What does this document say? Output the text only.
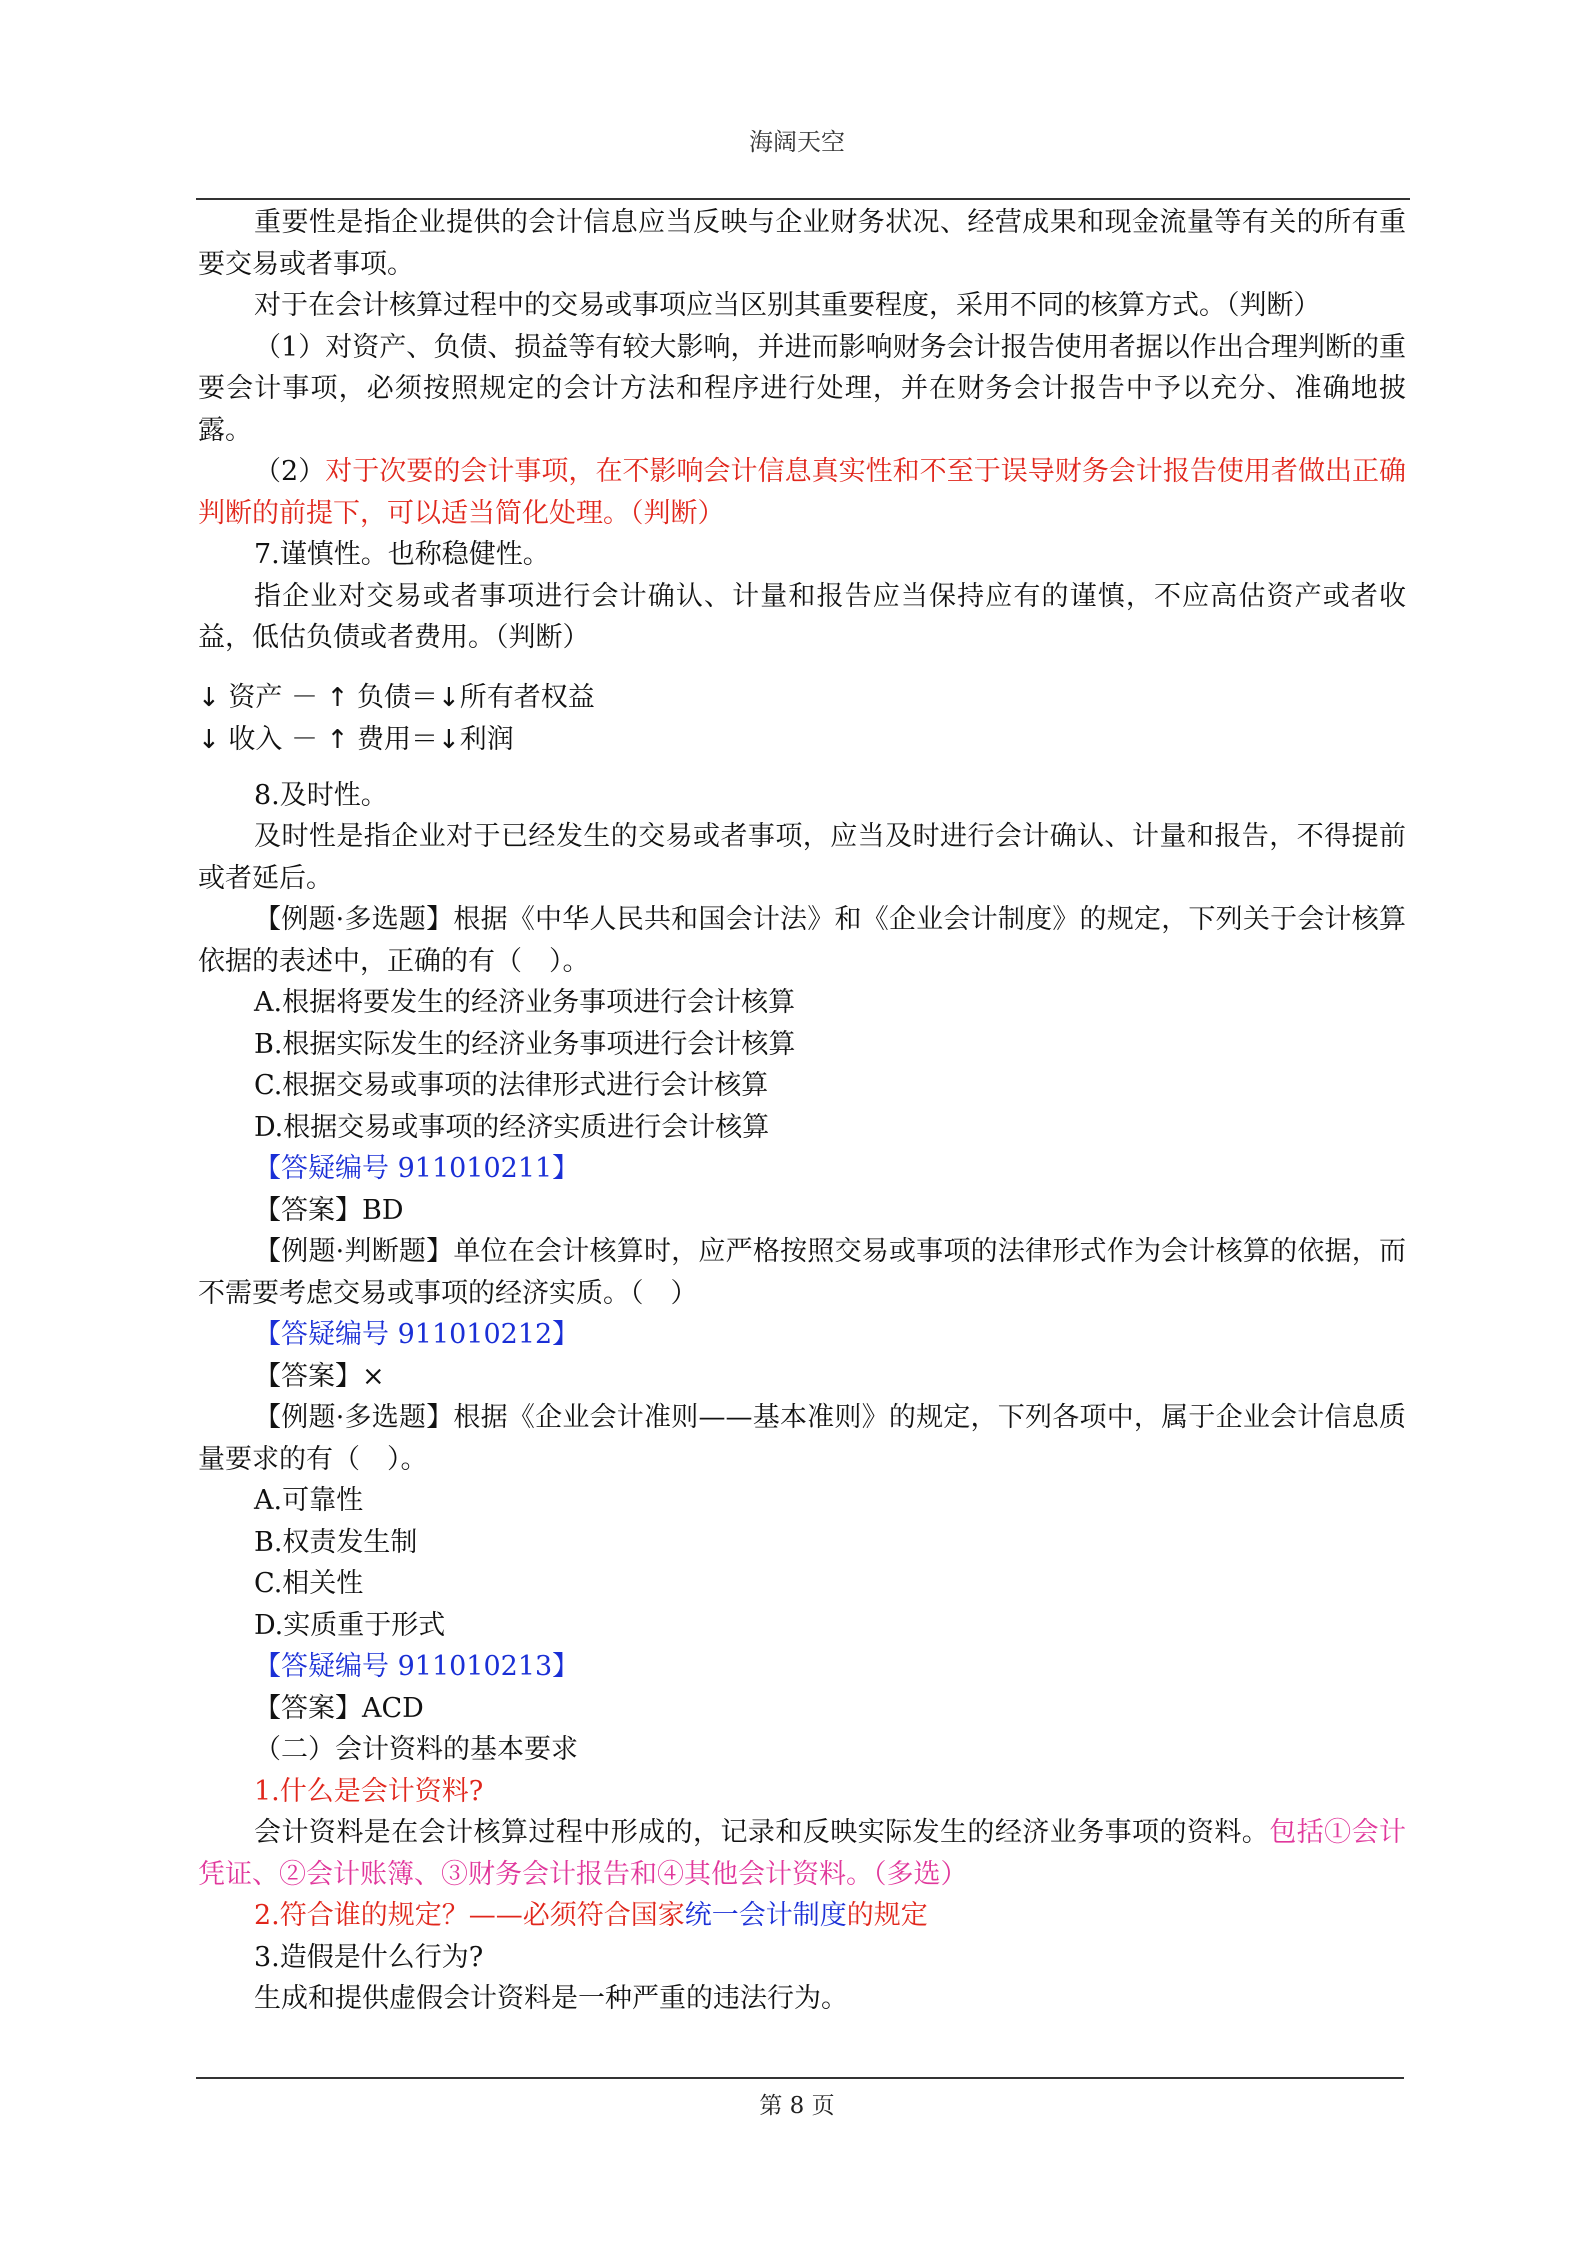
海阔天空

重要性是指企业提供的会计信息应当反映与企业财务状况、经营成果和现金流量等有关的所有重要交易或者事项。

对于在会计核算过程中的交易或事项应当区别其重要程度，采用不同的核算方式。（判断）

（1）对资产、负债、损益等有较大影响，并进而影响财务会计报告使用者据以作出合理判断的重要会计事项，必须按照规定的会计方法和程序进行处理，并在财务会计报告中予以充分、准确地披露。

（2）对于次要的会计事项，在不影响会计信息真实性和不至于误导财务会计报告使用者做出正确判断的前提下，可以适当简化处理。（判断）

7.谨慎性。也称稳健性。

指企业对交易或者事项进行会计确认、计量和报告应当保持应有的谨慎，不应高估资产或者收益，低估负债或者费用。（判断）

↓ 资产 － ↑ 负债＝↓所有者权益
↓ 收入 － ↑ 费用＝↓利润

8.及时性。

及时性是指企业对于已经发生的交易或者事项，应当及时进行会计确认、计量和报告，不得提前或者延后。

【例题·多选题】根据《中华人民共和国会计法》和《企业会计制度》的规定，下列关于会计核算依据的表述中，正确的有（　）。

A.根据将要发生的经济业务事项进行会计核算

B.根据实际发生的经济业务事项进行会计核算

C.根据交易或事项的法律形式进行会计核算

D.根据交易或事项的经济实质进行会计核算

【答疑编号 911010211】

【答案】BD

【例题·判断题】单位在会计核算时，应严格按照交易或事项的法律形式作为会计核算的依据，而不需要考虑交易或事项的经济实质。（　）

【答疑编号 911010212】

【答案】×

【例题·多选题】根据《企业会计准则——基本准则》的规定，下列各项中，属于企业会计信息质量要求的有（　）。

A.可靠性

B.权责发生制

C.相关性

D.实质重于形式

【答疑编号 911010213】

【答案】ACD

（二）会计资料的基本要求

1.什么是会计资料?

会计资料是在会计核算过程中形成的，记录和反映实际发生的经济业务事项的资料。包括①会计凭证、②会计账簿、③财务会计报告和④其他会计资料。（多选）

2.符合谁的规定？——必须符合国家统一会计制度的规定

3.造假是什么行为?

生成和提供虚假会计资料是一种严重的违法行为。

第 8 页
